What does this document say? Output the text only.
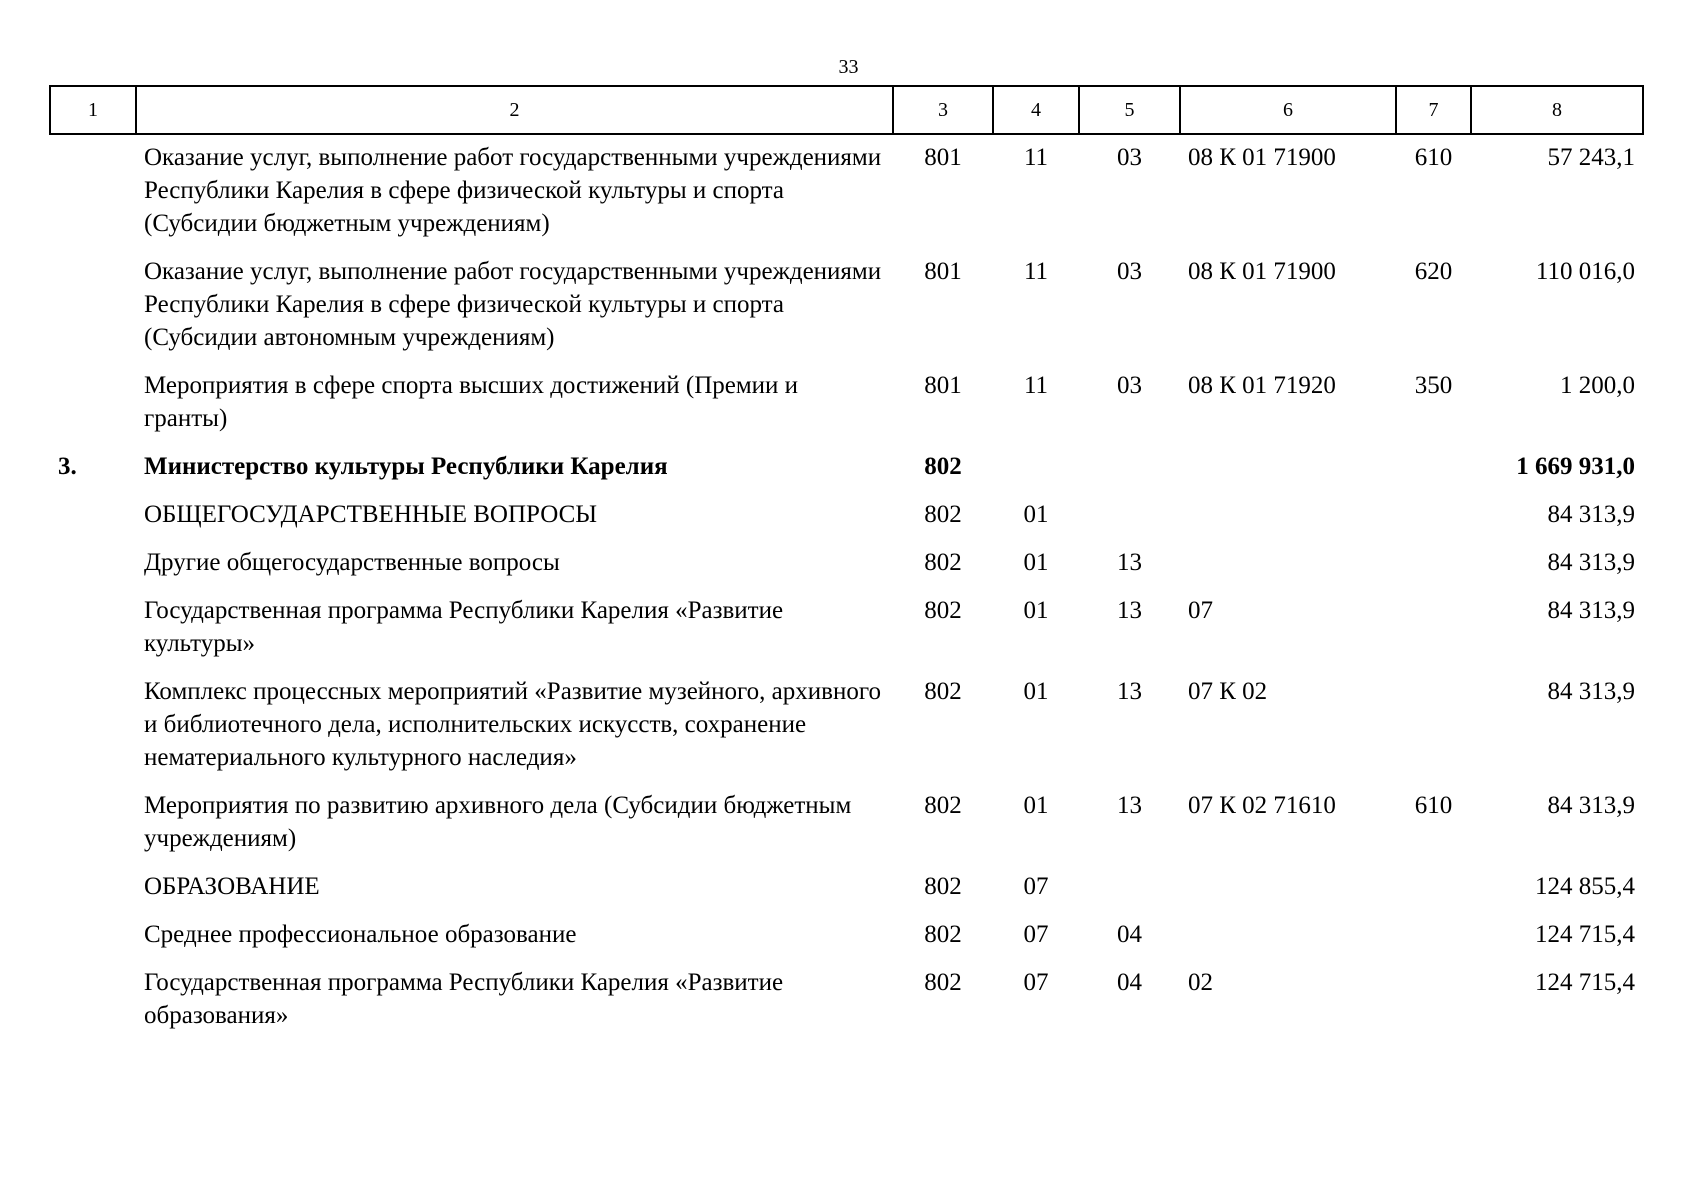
33
1	2	3	4	5	6	7	8
	Оказание услуг, выполнение работ государственными учреждениями Республики Карелия в сфере физической культуры и спорта (Субсидии бюджетным учреждениям)	801	11	03	08 К 01 71900	610	57 243,1
	Оказание услуг, выполнение работ государственными учреждениями Республики Карелия в сфере физической культуры и спорта (Субсидии автономным учреждениям)	801	11	03	08 К 01 71900	620	110 016,0
	Мероприятия в сфере спорта высших достижений (Премии и гранты)	801	11	03	08 К 01 71920	350	1 200,0
3.	Министерство культуры Республики Карелия	802					1 669 931,0
	ОБЩЕГОСУДАРСТВЕННЫЕ ВОПРОСЫ	802	01				84 313,9
	Другие общегосударственные вопросы	802	01	13			84 313,9
	Государственная программа Республики Карелия «Развитие культуры»	802	01	13	07		84 313,9
	Комплекс процессных мероприятий «Развитие музейного, архивного и библиотечного дела, исполнительских искусств, сохранение нематериального культурного наследия»	802	01	13	07 К 02		84 313,9
	Мероприятия по развитию архивного дела (Субсидии бюджетным учреждениям)	802	01	13	07 К 02 71610	610	84 313,9
	ОБРАЗОВАНИЕ	802	07				124 855,4
	Среднее профессиональное образование	802	07	04			124 715,4
	Государственная программа Республики Карелия «Развитие образования»	802	07	04	02		124 715,4
